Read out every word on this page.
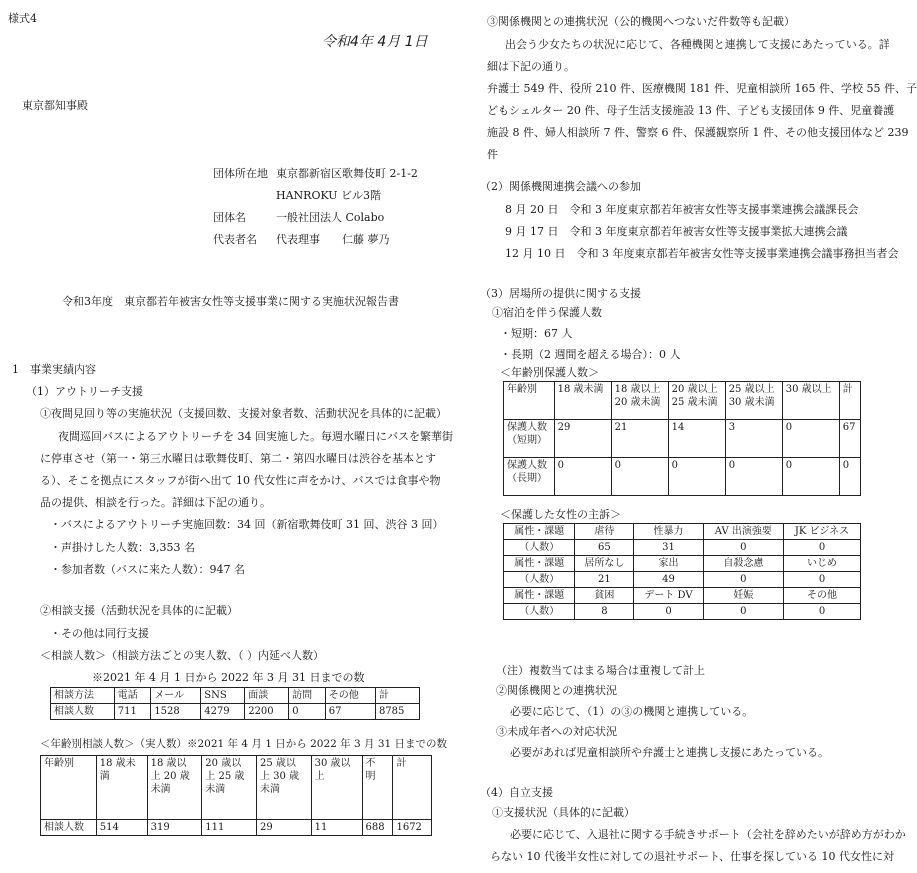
様式4
令和4年 4月 1日
東京都知事殿
団体所在地 東京都新宿区歌舞伎町 2-1-2
HANROKU ビル3階
団体名	一般社団法人 Colabo
代表者名 代表理事　　仁藤 夢乃
令和3年度　東京都若年被害女性等支援事業に関する実施状況報告書
1　事業実績内容
（1）アウトリーチ支援
①夜間見回り等の実施状況（支援回数、支援対象者数、活動状況を具体的に記載）
夜間巡回バスによるアウトリーチを 34 回実施した。毎週水曜日にバスを繁華街
に停車させ（第一・第三水曜日は歌舞伎町、第二・第四水曜日は渋谷を基本とす
る）、そこを拠点にスタッフが街へ出て 10 代女性に声をかけ、バスでは食事や物
品の提供、相談を行った。詳細は下記の通り。
・バスによるアウトリーチ実施回数：34 回（新宿歌舞伎町 31 回、渋谷 3 回）
・声掛けした人数：3,353 名
・参加者数（バスに来た人数）：947 名
②相談支援（活動状況を具体的に記載）
・その他は同行支援
＜相談人数＞（相談方法ごとの実人数、（ ）内延べ人数）
※2021 年 4 月 1 日から 2022 年 3 月 31 日までの数
相談方法	電話	メール	SNS	面談	訪問	その他	計
相談人数	711	1528	4279	2200	0	67	8785
＜年齢別相談人数＞（実人数）※2021 年 4 月 1 日から 2022 年 3 月 31 日までの数
年齢別	18 歳未
満	18 歳以
上 20 歳
未満	20 歳以
上 25 歳
未満	25 歳以
上 30 歳
未満	30 歳以
上	不
明	計
相談人数	514	319	111	29	11	688	1672
③関係機関との連携状況（公的機関へつないだ件数等も記載）
出会う少女たちの状況に応じて、各種機関と連携して支援にあたっている。詳
細は下記の通り。
弁護士 549 件、役所 210 件、医療機関 181 件、児童相談所 165 件、学校 55 件、子
どもシェルター 20 件、母子生活支援施設 13 件、子ども支援団体 9 件、児童養護
施設 8 件、婦人相談所 7 件、警察 6 件、保護観察所 1 件、その他支援団体など 239
件
（2）関係機関連携会議への参加
8 月 20 日　令和 3 年度東京都若年被害女性等支援事業連携会議課長会
9 月 17 日　令和 3 年度東京都若年被害女性等支援事業拡大連携会議
12 月 10 日　令和 3 年度東京都若年被害女性等支援事業連携会議事務担当者会
（3）居場所の提供に関する支援
①宿泊を伴う保護人数
・短期：67 人
・長期（2 週間を超える場合）：0 人
＜年齢別保護人数＞
年齢別	18 歳未満	18 歳以上
20 歳未満	20 歳以上
25 歳未満	25 歳以上
30 歳未満	30 歳以上	計
保護人数
（短期）	29	21	14	3	0	67
保護人数
（長期）	0	0	0	0	0	0
＜保護した女性の主訴＞
属性・課題	虐待	性暴力	AV 出演強要	JK ビジネス
（人数）	65	31	0	0
属性・課題	居所なし	家出	自殺念慮	いじめ
（人数）	21	49	0	0
属性・課題	貧困	デート DV	妊娠	その他
（人数）	8	0	0	0
（注）複数当てはまる場合は重複して計上
②関係機関との連携状況
必要に応じて、（1）の③の機関と連携している。
③未成年者への対応状況
必要があれば児童相談所や弁護士と連携し支援にあたっている。
（4）自立支援
①支援状況（具体的に記載）
必要に応じて、入退社に関する手続きサポート（会社を辞めたいが辞め方がわか
らない 10 代後半女性に対しての退社サポート、仕事を探している 10 代女性に対
